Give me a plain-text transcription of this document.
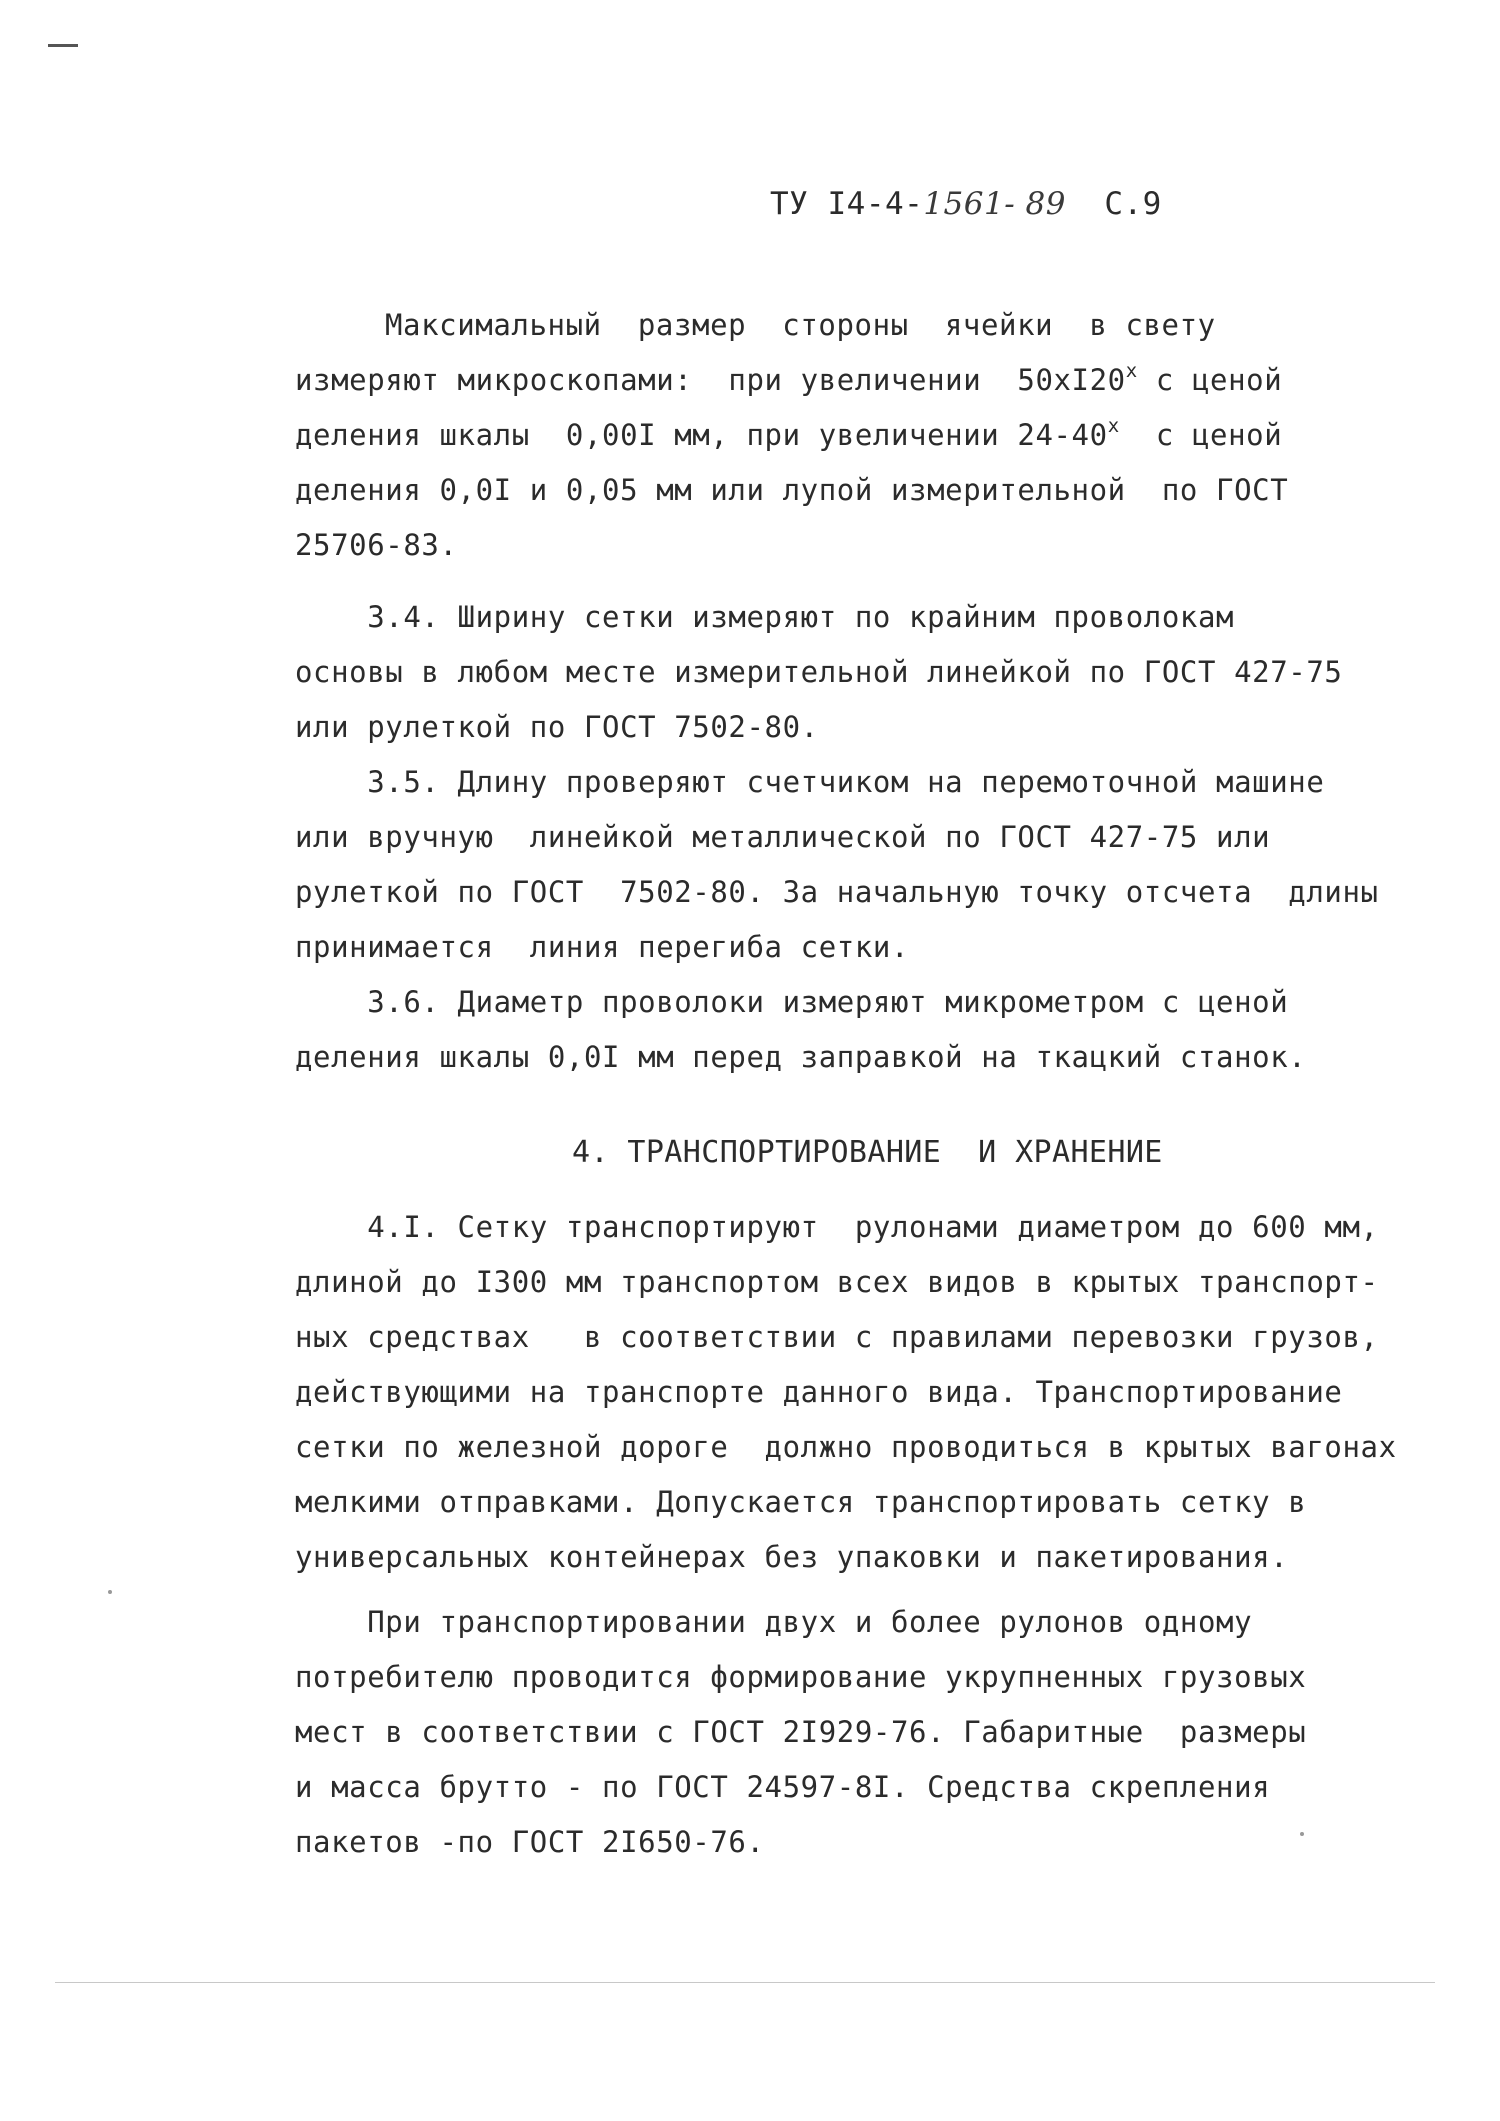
ТУ I4-4-1561- 89 С.9
Максимальный  размер  стороны  ячейки  в свету
измеряют микроскопами:  при увеличении  $50хI20^х$ с ценой
деления шкалы  0,00I мм, при увеличении $24-40^х$  с ценой
деления 0,0I и 0,05 мм или лупой измерительной  по ГОСТ
25706-83.
3.4. Ширину сетки измеряют по крайним проволокам
основы в любом месте измерительной линейкой по ГОСТ 427-75
или рулеткой по ГОСТ 7502-80.
3.5. Длину проверяют счетчиком на перемоточной машине
или вручную  линейкой металлической по ГОСТ 427-75 или
рулеткой по ГОСТ  7502-80. За начальную точку отсчета  длины
принимается  линия перегиба сетки.
3.6. Диаметр проволоки измеряют микрометром с ценой
деления шкалы 0,0I мм перед заправкой на ткацкий станок.
4. ТРАНСПОРТИРОВАНИЕ  И ХРАНЕНИЕ
4.I. Сетку транспортируют  рулонами диаметром до 600 мм,
длиной до I300 мм транспортом всех видов в крытых транспорт-
ных средствах   в соответствии с правилами перевозки грузов,
действующими на транспорте данного вида. Транспортирование
сетки по железной дороге  должно проводиться в крытых вагонах
мелкими отправками. Допускается транспортировать сетку в
универсальных контейнерах без упаковки и пакетирования.
При транспортировании двух и более рулонов одному
потребителю проводится формирование укрупненных грузовых
мест в соответствии с ГОСТ 2I929-76. Габаритные  размеры
и масса брутто - по ГОСТ 24597-8I. Средства скрепления
пакетов -по ГОСТ 2I650-76.
